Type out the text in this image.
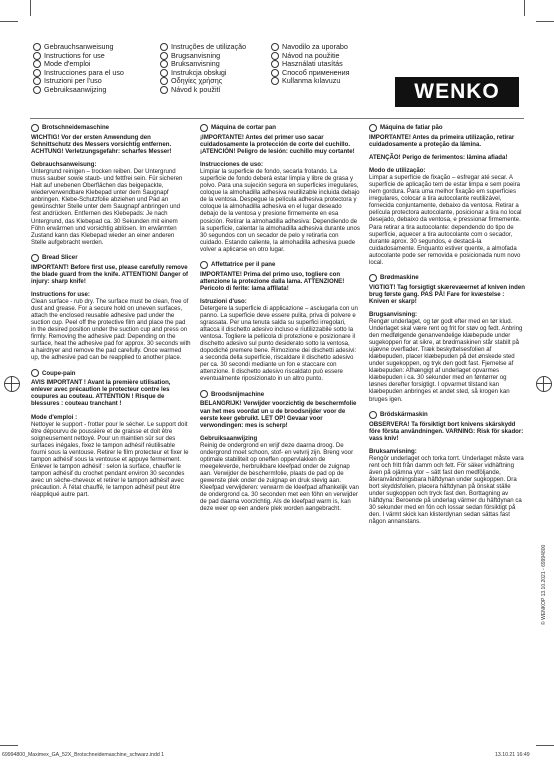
Gebrauchsanweisung
Instructions for use
Mode d'emploi
Instrucciones para el uso
Istruzioni per l'uso
Gebruiksaanwijzing
Instruções de utilização
Brugsanvisning
Bruksanvisning
Instrukcja obsługi
Οδηγίες χρήσης
Návod k použití
Navodilo za uporabo
Návod na použitie
Használati utasítás
Способ применения
Kullanma kılavuzu	WENKO
Brotschneidemaschine

WICHTIG! Vor der ersten Anwendung den Schnittschutz des Messers vorsichtig entfernen. ACHTUNG! Verletzungsgefahr: scharfes Messer!

Gebrauchsanweisung:

Untergrund reinigen – trocken reiben. Der Untergrund muss sauber sowie staub- und fettfrei sein. Für sicheren Halt auf unebenen Oberflächen das beigepackte, wiederverwendbare Klebepad unter dem Saugnapf anbringen. Klebe-Schutzfolie abziehen und Pad an gewünschter Stelle unter dem Saugnapf anbringen und fest andrücken. Entfernen des Klebepads: Je nach Untergrund, das Klebepad ca. 30 Sekunden mit einem Föhn erwärmen und vorsichtig ablösen. Im erwärmten Zustand kann das Klebepad wieder an einer anderen Stelle aufgebracht werden.

Bread Slicer

IMPORTANT! Before first use, please carefully remove the blade guard from the knife. ATTENTION! Danger of injury: sharp knife!

Instructions for use:

Clean surface - rub dry. The surface must be clean, free of dust and grease. For a secure hold on uneven surfaces, attach the enclosed reusable adhesive pad under the suction cup. Peel off the protective film and place the pad in the desired position under the suction cup and press on firmly. Removing the adhesive pad: Depending on the surface, heat the adhesive pad for approx. 30 seconds with a hairdryer and remove the pad carefully. Once warmed up, the adhesive pad can be reapplied to another place.

Coupe-pain

AVIS IMPORTANT ! Avant la première utilisation, enlever avec précaution le protecteur contre les coupures au couteau. ATTENTION ! Risque de blessures : couteau tranchant !

Mode d'emploi :

Nettoyer le support - frotter pour le sécher. Le support doit être dépourvu de poussière et de graisse et doit être soigneusement nettoyé. Pour un maintien sûr sur des surfaces inégales, fixez le tampon adhésif réutilisable fourni sous la ventouse. Retirer le film protecteur et fixer le tampon adhésif sous la ventouse et appuye fermement. Enlever le tampon adhésif : selon la surface, chauffer le tampon adhésif du crochet pendant environ 30 secondes avec un sèche-cheveux et retirer le tampon adhésif avec précaution. À l'état chauffé, le tampon adhésif peut être réappliqué autre part.

Máquina de cortar pan

¡IMPORTANTE! Antes del primer uso sacar cuidadosamente la protección de corte del cuchillo. ¡ATENCIÓN! Peligro de lesión: cuchillo muy cortante!

Instrucciones de uso:

Limpiar la superficie de fondo, secarla frotando. La superficie de fondo deberá estar limpia y libre de grasa y polvo. Para una sujeción segura en superficies irregulares, coloque la almohadilla adhesiva reutilizable incluida debajo de la ventosa. Despegue la película adhesiva protectora y coloque la almohadilla adhesiva en el lugar deseado debajo de la ventosa y presione firmemente en esa posición. Retirar la almohadilla adhesiva: Dependiendo de la superficie, calentar la almohadilla adhesiva durante unos 30 segundos con un secador de pelo y retirarla con cuidado. Estando caliente, la almohadilla adhesiva puede volver a aplicarse en otro lugar.

Affettatrice per il pane

IMPORTANTE! Prima del primo uso, togliere con attenzione la protezione dalla lama. ATTENZIONE! Pericolo di ferite: lama affilata!

Istruzioni d'uso:

Detergere la superficie di applicazione – asciugarla con un panno. La superficie deve essere pulita, priva di polvere e sgrassata. Per una tenuta salda su superfici irregolari, attacca il dischetto adesivo incluso e riutilizzabile sotto la ventosa. Togliere la pellicola di protezione e posizionare il dischetto adesivo sul punto desiderato sotto la ventosa, dopodiché premere bene. Rimozione dei dischetti adesivi: a seconda della superficie, riscaldare il dischetto adesivo per ca. 30 secondi mediante un fon e staccare con attenzione. Il dischetto adesivo riscaldato può essere eventualmente riposizionato in un altro punto.

Broodsnijmachine

BELANGRIJK! Verwijder voorzichtig de beschermfolie van het mes voordat un u de broodsnijder voor de eerste keer gebruikt. LET OP! Gevaar voor verwondingen: mes is scherp!

Gebruiksaanwijzing

Reinig de ondergrond en wrijf deze daarna droog. De ondergrond moet schoon, stof- en vetvrij zijn. Breng voor optimale stabiliteit op oneffen oppervlakken de meegeleverde, herbruikbare kleefpad onder de zuignap aan. Verwijder de beschermfolie, plaats de pad op de gewenste plek onder de zuignap en druk stevig aan. Kleefpad verwijderen: verwarm de kleefpad afhankelijk van de ondergrond ca. 30 seconden met een föhn en verwijder de pad daarna voorzichtig. Als de kleefpad warm is, kan deze weer op een andere plek worden aangebracht.

Máquina de fatiar pão

IMPORTANTE! Antes da primeira utilização, retirar cuidadosamente a proteção da lâmina.

ATENÇÃO! Perigo de ferimentos: lâmina afiada!

Modo de utilização:

Limpar a superfície de fixação – esfregar até secar. A superfície de aplicação tem de estar limpa e sem poeira nem gordura. Para uma melhor fixação em superfícies irregulares, colocar a tira autocolante reutilizável, fornecida conjuntamente, debaixo da ventosa. Retirar a película protectora autocolante, posicionar a tira no local desejado, debaixo da ventosa, e pressionar firmemente. Para retirar a tira autocolante: dependendo do tipo de superfície, aquecer a tira autocolante com o secador, durante aprox. 30 segundos, e destacá-la cuidadosamente. Enquanto estiver quente, a almofada autocolante pode ser removida e posicionada num novo local.

Brødmaskine

VIGTIGT! Tag forsigtigt skærevæernet af kniven inden brug første gang. PAS PÅ! Fare for kvæstelse : Kniven er skarp!

Brugsanvisning:

Rengør underlaget, og tør godt efter med en tør klud. Underlaget skal være rent og frit for støv og fedt. Anbring den medfølgende genanvendelige klæbepude under sugekoppen for at sikre, at brødmaskinen står stabilt på ujævne overflader. Træk beskyttelsesfolien af klæbepuden, placer klæbepuden på det ønskede sted under sugekoppen, og tryk den godt fast. Fjernelse af klæbepuden: Afhængigt af underlaget opvarmes klæbepuden i ca. 30 sekunder med en føntørrer og løsnes derefter forsigtigt. I opvarmet tilstand kan klæbepuden anbringes et andet sted, så krogen kan bruges igen.

Brödskärmaskin

OBSERVERA! Ta försiktigt bort knivens skärskydd före första användningen. VARNING: Risk för skador: vass kniv!

Bruksanvisning:

Rengör underlaget och torka torrt. Underlaget måste vara rent och fritt från damm och fett. För säker vidhäftning även på ojämna ytor – sätt fast den medföljande, återanvändningsbara häftdynan under sugkoppen. Dra bort skyddsfolien, placera häftdynan på önskat ställe under sugkoppen och tryck fast den. Borttagning av häftdyna: Beroende på underlag värmer du häftdynan ca 30 sekunder med en fön och lossar sedan försiktigt på den. I värmt skick kan klisterdynan sedan sättas fast någon annanstans.

© WENKOP 13.10.2021 - 69994800
69994800_Maximex_GA_52X_Brotschneidemaschine_schwarz.indd 1	13.10.21 16:49
